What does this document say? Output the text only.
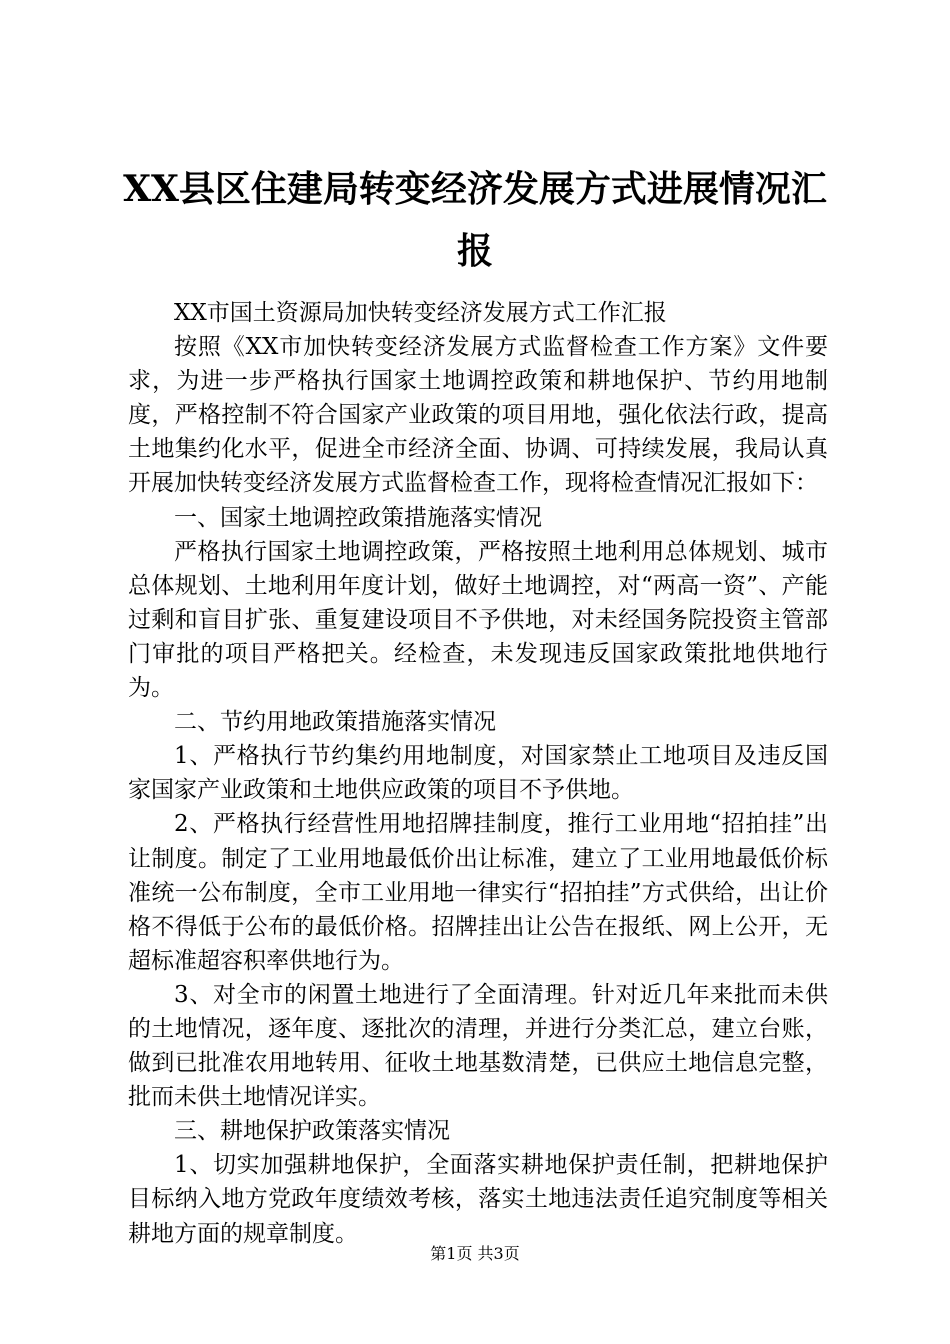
XX县区住建局转变经济发展方式进展情况汇报

XX市国土资源局加快转变经济发展方式工作汇报

按照《XX市加快转变经济发展方式监督检查工作方案》文件要求，为进一步严格执行国家土地调控政策和耕地保护、节约用地制度，严格控制不符合国家产业政策的项目用地，强化依法行政，提高土地集约化水平，促进全市经济全面、协调、可持续发展，我局认真开展加快转变经济发展方式监督检查工作，现将检查情况汇报如下：

一、国家土地调控政策措施落实情况

严格执行国家土地调控政策，严格按照土地利用总体规划、城市总体规划、土地利用年度计划，做好土地调控，对“两高一资”、产能过剩和盲目扩张、重复建设项目不予供地，对未经国务院投资主管部门审批的项目严格把关。经检查，未发现违反国家政策批地供地行为。

二、节约用地政策措施落实情况

1、严格执行节约集约用地制度，对国家禁止工地项目及违反国家国家产业政策和土地供应政策的项目不予供地。

2、严格执行经营性用地招牌挂制度，推行工业用地“招拍挂”出让制度。制定了工业用地最低价出让标准，建立了工业用地最低价标准统一公布制度，全市工业用地一律实行“招拍挂”方式供给，出让价格不得低于公布的最低价格。招牌挂出让公告在报纸、网上公开，无超标准超容积率供地行为。

3、对全市的闲置土地进行了全面清理。针对近几年来批而未供的土地情况，逐年度、逐批次的清理，并进行分类汇总，建立台账，做到已批准农用地转用、征收土地基数清楚，已供应土地信息完整，批而未供土地情况详实。

三、耕地保护政策落实情况

1、切实加强耕地保护，全面落实耕地保护责任制，把耕地保护目标纳入地方党政年度绩效考核，落实土地违法责任追究制度等相关耕地方面的规章制度。

第1页 共3页
